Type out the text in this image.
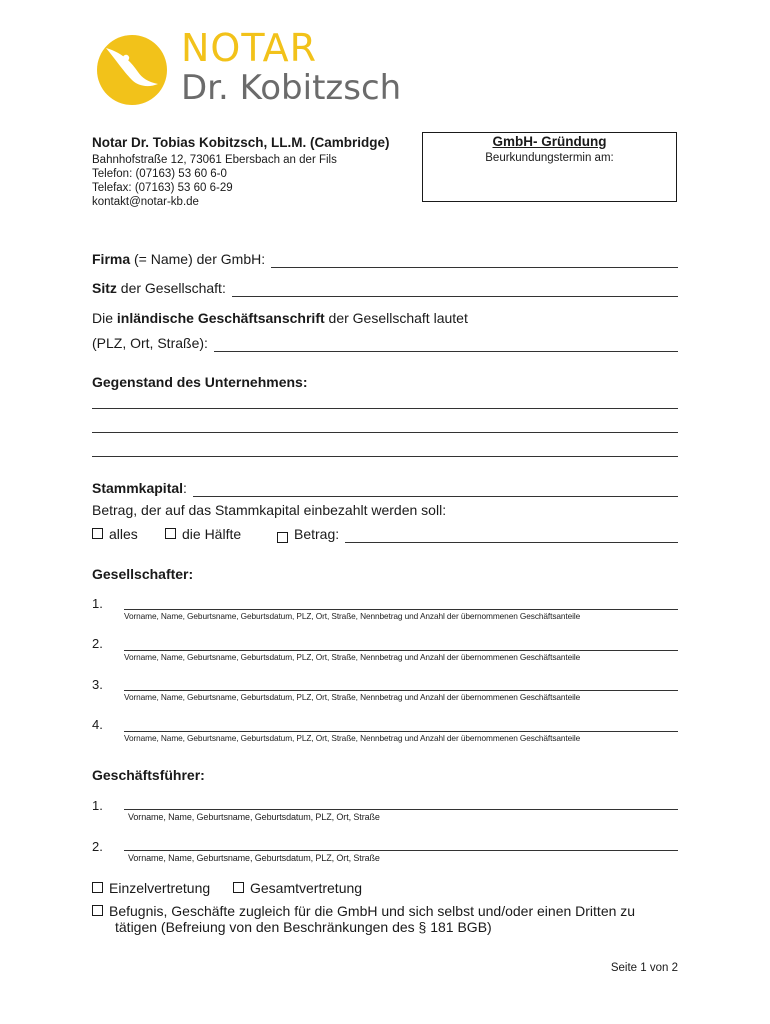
NOTAR
Dr. Kobitzsch
Notar Dr. Tobias Kobitzsch, LL.M. (Cambridge)
Bahnhofstraße 12, 73061 Ebersbach an der Fils
Telefon: (07163) 53 60 6-0
Telefax: (07163) 53 60 6-29
kontakt@notar-kb.de
GmbH- Gründung
Beurkundungstermin am:
Firma
(= Name) der GmbH:
Sitz
der Gesellschaft:
Die inländische Geschäftsanschrift der Gesellschaft lautet
(PLZ, Ort, Straße):
Gegenstand des Unternehmens:
Stammkapital :
Betrag, der auf das Stammkapital einbezahlt werden soll:
alles	die Hälfte	Betrag:
Gesellschafter:
1.
Vorname, Name, Geburtsname, Geburtsdatum, PLZ, Ort, Straße, Nennbetrag und Anzahl der übernommenen Geschäftsanteile
2.
Vorname, Name, Geburtsname, Geburtsdatum, PLZ, Ort, Straße, Nennbetrag und Anzahl der übernommenen Geschäftsanteile
3.
Vorname, Name, Geburtsname, Geburtsdatum, PLZ, Ort, Straße, Nennbetrag und Anzahl der übernommenen Geschäftsanteile
4.
Vorname, Name, Geburtsname, Geburtsdatum, PLZ, Ort, Straße, Nennbetrag und Anzahl der übernommenen Geschäftsanteile
Geschäftsführer:
1.
Vorname, Name, Geburtsname, Geburtsdatum, PLZ, Ort, Straße
2.
Vorname, Name, Geburtsname, Geburtsdatum, PLZ, Ort, Straße
Einzelvertretung	Gesamtvertretung
Befugnis, Geschäfte zugleich für die GmbH und sich selbst und/oder einen Dritten zu
tätigen (Befreiung von den Beschränkungen des § 181 BGB)
Seite 1 von 2
